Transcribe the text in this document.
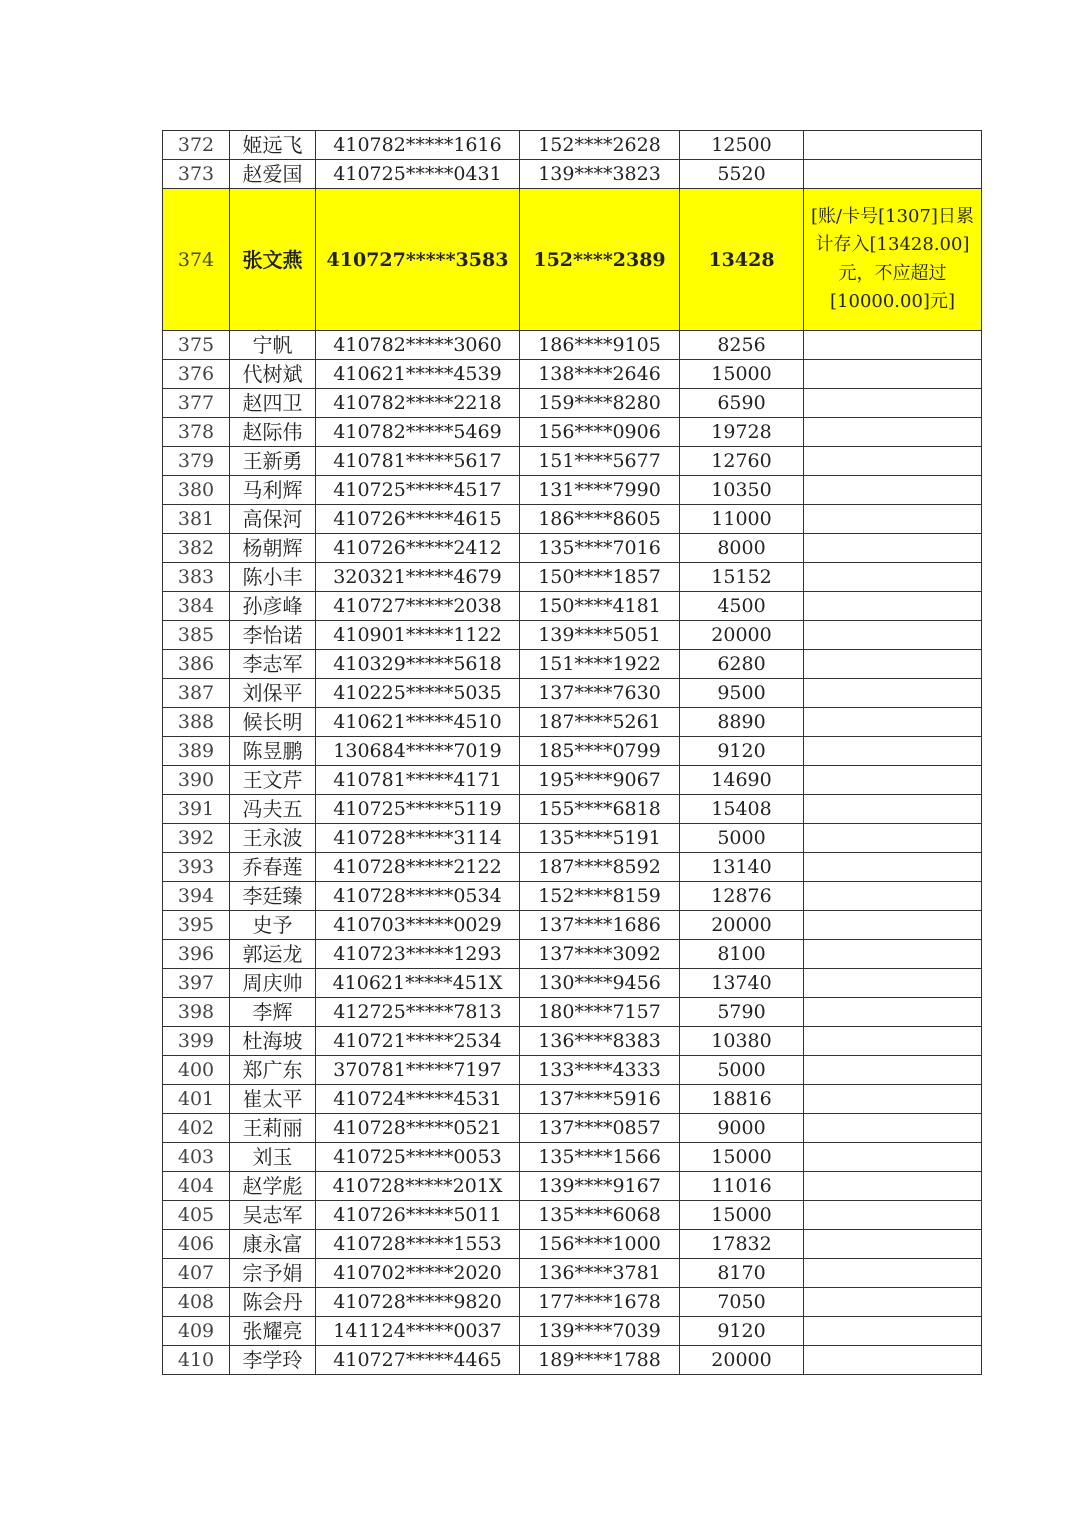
372	姬远飞	410782*****1616	152****2628	12500	
373	赵爱国	410725*****0431	139****3823	5520	
374	张文燕	410727*****3583	152****2389	13428	[账/卡号[1307]日累计存入[13428.00]元，不应超过[10000.00]元]
375	宁帆	410782*****3060	186****9105	8256	
376	代树斌	410621*****4539	138****2646	15000	
377	赵四卫	410782*****2218	159****8280	6590	
378	赵际伟	410782*****5469	156****0906	19728	
379	王新勇	410781*****5617	151****5677	12760	
380	马利辉	410725*****4517	131****7990	10350	
381	高保河	410726*****4615	186****8605	11000	
382	杨朝辉	410726*****2412	135****7016	8000	
383	陈小丰	320321*****4679	150****1857	15152	
384	孙彦峰	410727*****2038	150****4181	4500	
385	李怡诺	410901*****1122	139****5051	20000	
386	李志军	410329*****5618	151****1922	6280	
387	刘保平	410225*****5035	137****7630	9500	
388	候长明	410621*****4510	187****5261	8890	
389	陈昱鹏	130684*****7019	185****0799	9120	
390	王文芹	410781*****4171	195****9067	14690	
391	冯夫五	410725*****5119	155****6818	15408	
392	王永波	410728*****3114	135****5191	5000	
393	乔春莲	410728*****2122	187****8592	13140	
394	李廷臻	410728*****0534	152****8159	12876	
395	史予	410703*****0029	137****1686	20000	
396	郭运龙	410723*****1293	137****3092	8100	
397	周庆帅	410621*****451X	130****9456	13740	
398	李辉	412725*****7813	180****7157	5790	
399	杜海坡	410721*****2534	136****8383	10380	
400	郑广东	370781*****7197	133****4333	5000	
401	崔太平	410724*****4531	137****5916	18816	
402	王莉丽	410728*****0521	137****0857	9000	
403	刘玉	410725*****0053	135****1566	15000	
404	赵学彪	410728*****201X	139****9167	11016	
405	吴志军	410726*****5011	135****6068	15000	
406	康永富	410728*****1553	156****1000	17832	
407	宗予娟	410702*****2020	136****3781	8170	
408	陈会丹	410728*****9820	177****1678	7050	
409	张耀亮	141124*****0037	139****7039	9120	
410	李学玲	410727*****4465	189****1788	20000	
